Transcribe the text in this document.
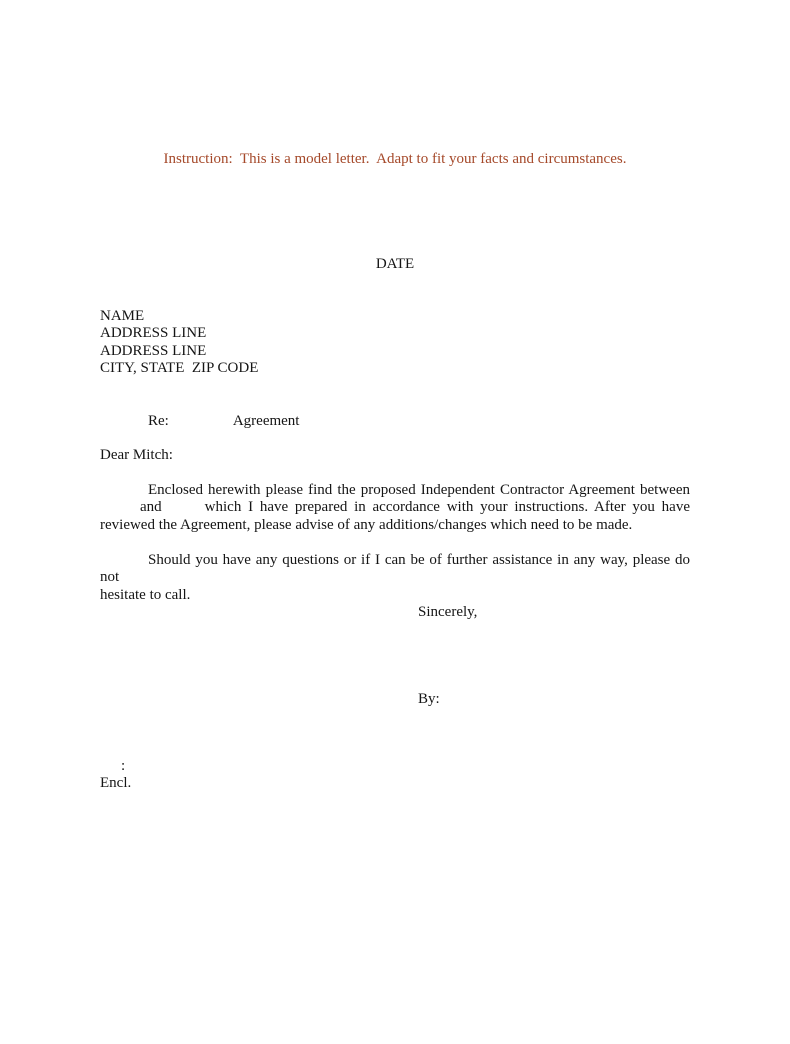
Instruction:  This is a model letter.  Adapt to fit your facts and circumstances.
DATE
NAME
ADDRESS LINE
ADDRESS LINE
CITY, STATE  ZIP CODE
Re:	Agreement
Dear Mitch:
Enclosed herewith please find the proposed Independent Contractor Agreement between
and	which I have prepared in accordance with your instructions. After you have
reviewed the Agreement, please advise of any additions/changes which need to be made.
Should you have any questions or if I can be of further assistance in any way, please do not
hesitate to call.
Sincerely,
By:
:
Encl.
